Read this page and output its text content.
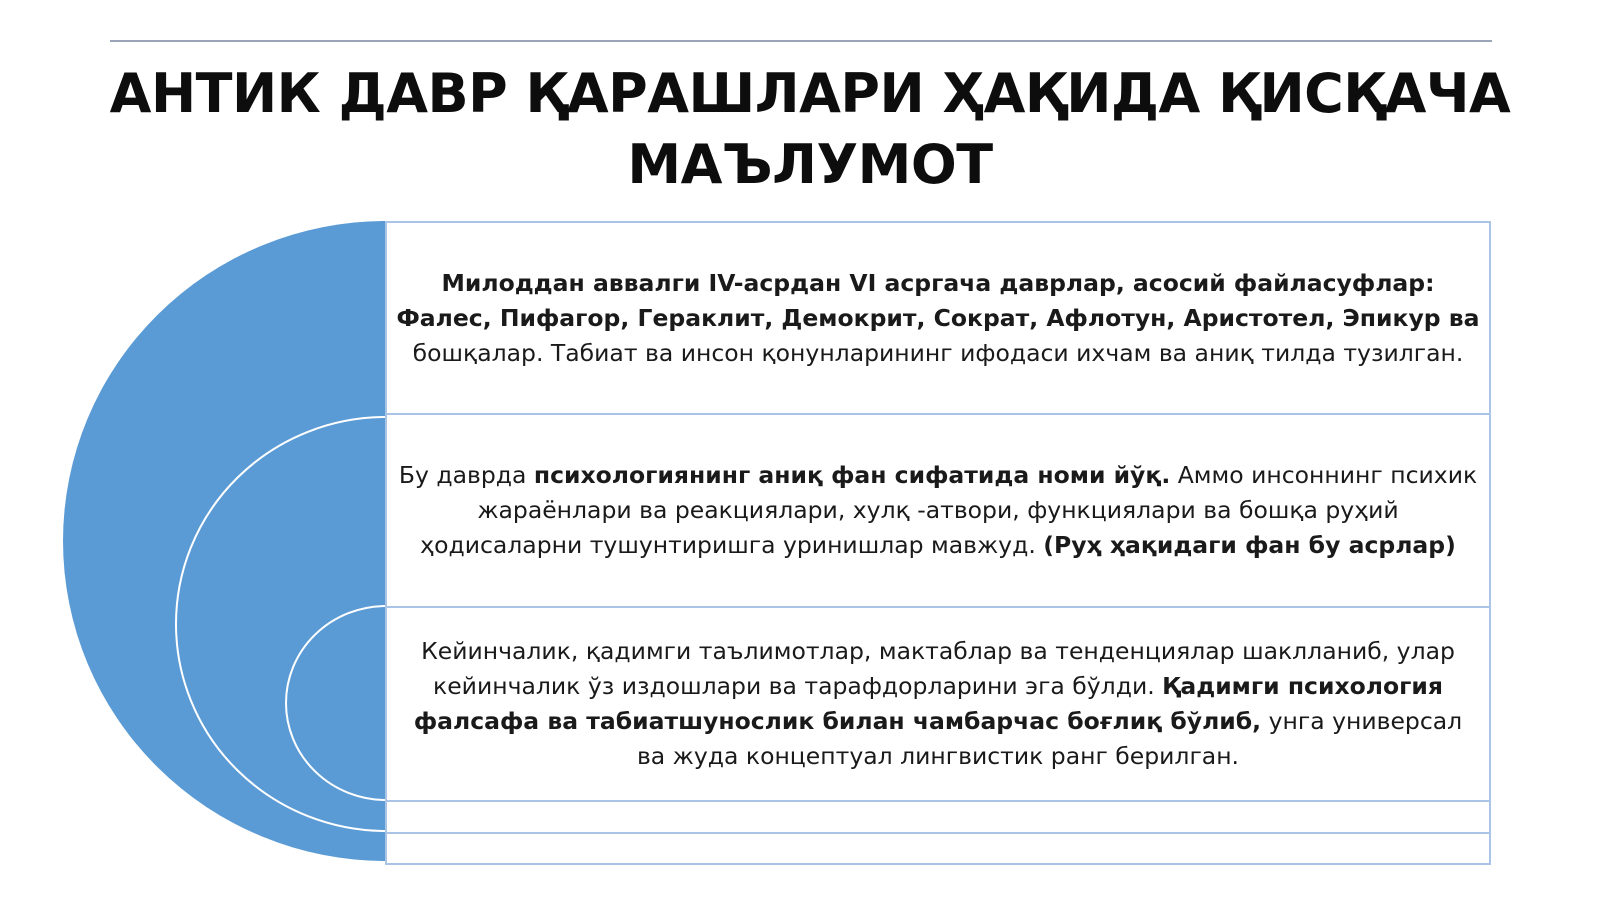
АНТИК ДАВР ҚАРАШЛАРИ ҲАҚИДА ҚИСҚАЧА
МАЪЛУМОТ

Милоддан аввалги IV-асрдан VI асргача даврлар, асосий файласуфлар: Фалес, Пифагор, Гераклит, Демокрит, Сократ, Афлотун, Аристотел, Эпикур ва бошқалар. Табиат ва инсон қонунларининг ифодаси ихчам ва аниқ тилда тузилган.

Бу даврда психологиянинг аниқ фан сифатида номи йўқ. Аммо инсоннинг психик жараёнлари ва реакциялари, хулқ -атвори, функциялари ва бошқа руҳий ҳодисаларни тушунтиришга уринишлар мавжуд. (Руҳ ҳақидаги фан бу асрлар)

Кейинчалик, қадимги таълимотлар, мактаблар ва тенденциялар шаклланиб, улар кейинчалик ўз издошлари ва тарафдорларини эга бўлди. Қадимги психология фалсафа ва табиатшунослик билан чамбарчас боғлиқ бўлиб, унга универсал ва жуда концептуал лингвистик ранг берилган.
